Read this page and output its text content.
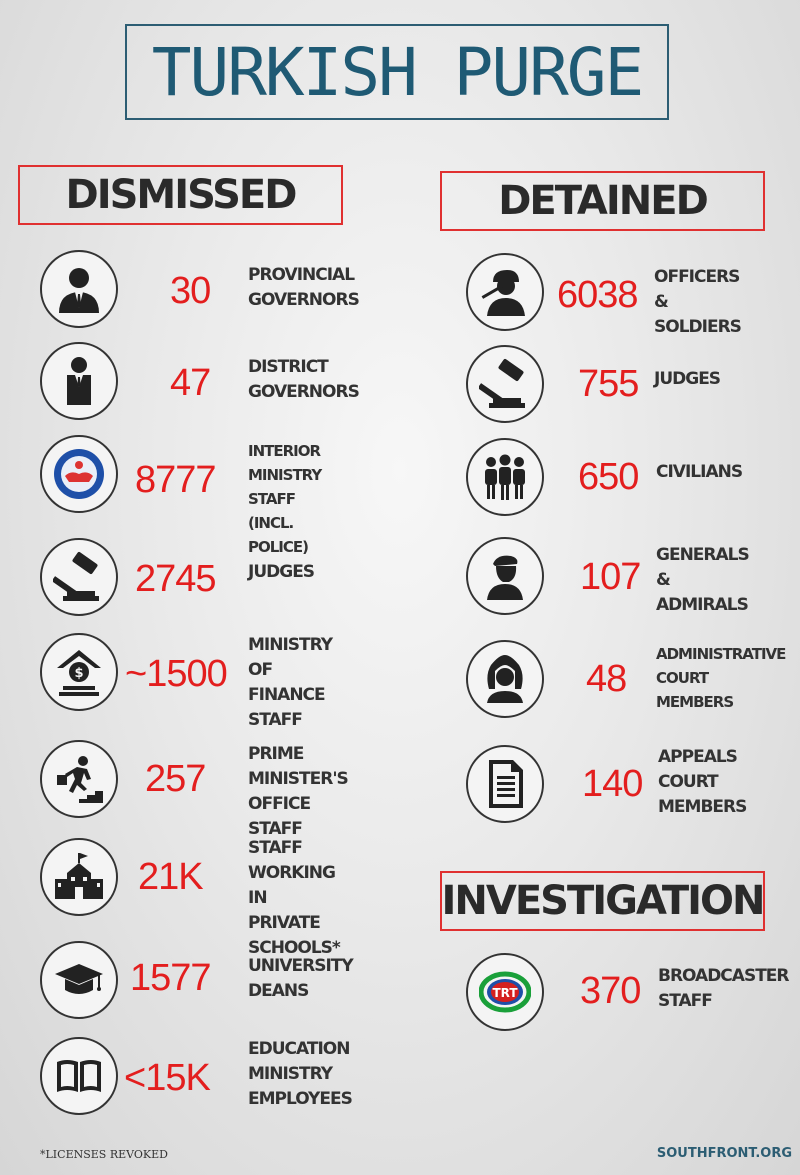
TURKISH PURGE
DISMISSED	DETAINED
INVESTIGATION
30 PROVINCIAL
GOVERNORS
47 DISTRICT
GOVERNORS
8777
INTERIOR
MINISTRY STAFF
(INCL. POLICE)
2745 JUDGES
$ ~1500
MINISTRY OF
FINANCE
STAFF
257
PRIME
MINISTER'S
OFFICE STAFF
21K
STAFF
WORKING IN
PRIVATE
SCHOOLS*
1577 UNIVERSITY
DEANS
<15K
EDUCATION
MINISTRY
EMPLOYEES
6038 OFFICERS &
SOLDIERS
755 JUDGES
650 CIVILIANS
107
GENERALS &
ADMIRALS
48
ADMINISTRATIVE
COURT
MEMBERS
140
APPEALS
COURT
MEMBERS
TRT 370 BROADCASTER
STAFF
*LICENSES REVOKED	SOUTHFRONT.ORG
